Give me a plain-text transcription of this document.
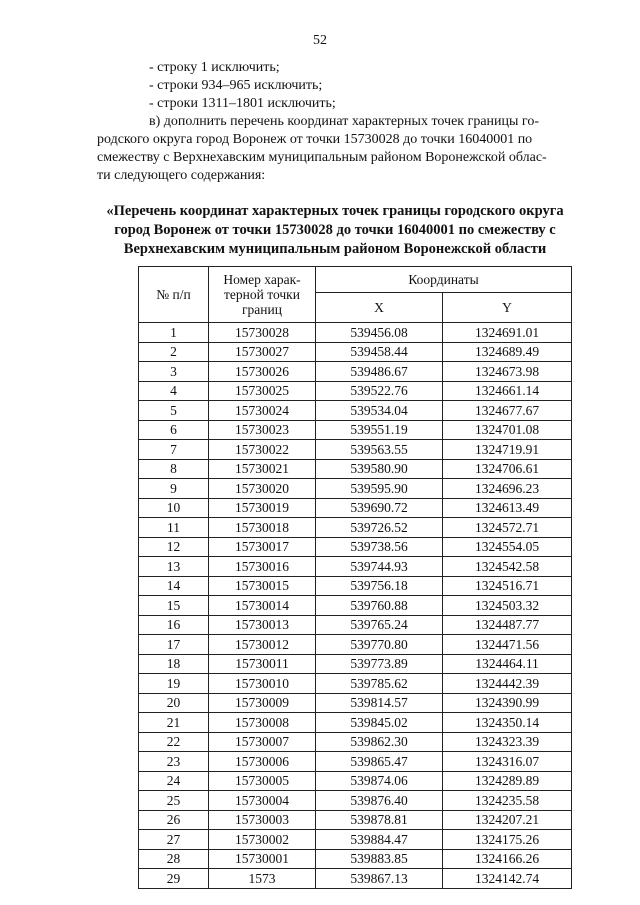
52
- строку 1 исключить;
- строки 934–965 исключить;
- строки 1311–1801 исключить;
в) дополнить перечень координат характерных точек границы го-
родского округа город Воронеж от точки 15730028 до точки 16040001 по
смежеству с Верхнехавским муниципальным районом Воронежской облас-
ти следующего содержания:
«Перечень координат характерных точек границы городского округа
город Воронеж от точки 15730028 до точки 16040001 по смежеству с
Верхнехавским муниципальным районом Воронежской области
№ п/п	Номер харак-терной точки границ	Координаты	
		X	Y
1	15730028	539456.08	1324691.01
2	15730027	539458.44	1324689.49
3	15730026	539486.67	1324673.98
4	15730025	539522.76	1324661.14
5	15730024	539534.04	1324677.67
6	15730023	539551.19	1324701.08
7	15730022	539563.55	1324719.91
8	15730021	539580.90	1324706.61
9	15730020	539595.90	1324696.23
10	15730019	539690.72	1324613.49
11	15730018	539726.52	1324572.71
12	15730017	539738.56	1324554.05
13	15730016	539744.93	1324542.58
14	15730015	539756.18	1324516.71
15	15730014	539760.88	1324503.32
16	15730013	539765.24	1324487.77
17	15730012	539770.80	1324471.56
18	15730011	539773.89	1324464.11
19	15730010	539785.62	1324442.39
20	15730009	539814.57	1324390.99
21	15730008	539845.02	1324350.14
22	15730007	539862.30	1324323.39
23	15730006	539865.47	1324316.07
24	15730005	539874.06	1324289.89
25	15730004	539876.40	1324235.58
26	15730003	539878.81	1324207.21
27	15730002	539884.47	1324175.26
28	15730001	539883.85	1324166.26
29	1573	539867.13	1324142.74
